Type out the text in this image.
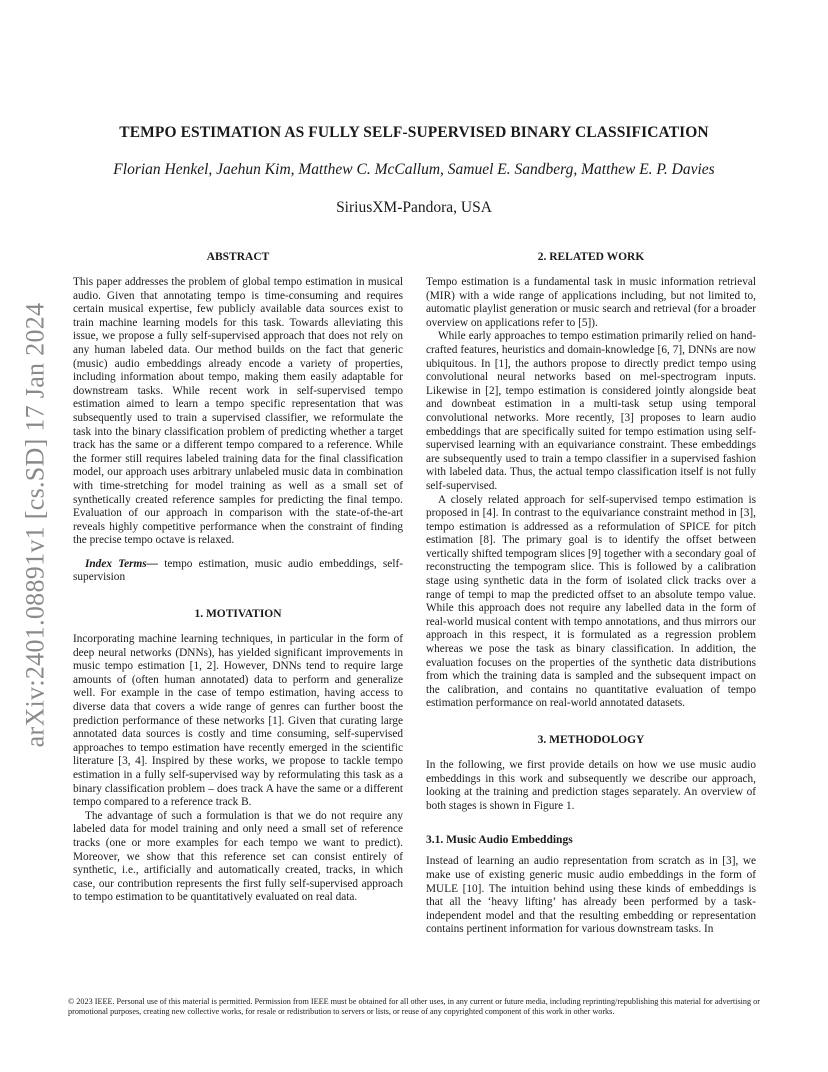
arXiv:2401.08891v1 [cs.SD] 17 Jan 2024
TEMPO ESTIMATION AS FULLY SELF-SUPERVISED BINARY CLASSIFICATION
Florian Henkel, Jaehun Kim, Matthew C. McCallum, Samuel E. Sandberg, Matthew E. P. Davies
SiriusXM-Pandora, USA
ABSTRACT

This paper addresses the problem of global tempo estimation in musical audio. Given that annotating tempo is time-consuming and requires certain musical expertise, few publicly available data sources exist to train machine learning models for this task. Towards alleviating this issue, we propose a fully self-supervised approach that does not rely on any human labeled data. Our method builds on the fact that generic (music) audio embeddings already encode a variety of properties, including information about tempo, making them easily adaptable for downstream tasks. While recent work in self-supervised tempo estimation aimed to learn a tempo specific representation that was subsequently used to train a supervised classifier, we reformulate the task into the binary classification problem of predicting whether a target track has the same or a different tempo compared to a reference. While the former still requires labeled training data for the final classification model, our approach uses arbitrary unlabeled music data in combination with time-stretching for model training as well as a small set of synthetically created reference samples for predicting the final tempo. Evaluation of our approach in comparison with the state-of-the-art reveals highly competitive performance when the constraint of finding the precise tempo octave is relaxed.

Index Terms— tempo estimation, music audio embeddings, self-supervision

1. MOTIVATION

Incorporating machine learning techniques, in particular in the form of deep neural networks (DNNs), has yielded significant improvements in music tempo estimation [1, 2]. However, DNNs tend to require large amounts of (often human annotated) data to perform and generalize well. For example in the case of tempo estimation, having access to diverse data that covers a wide range of genres can further boost the prediction performance of these networks [1]. Given that curating large annotated data sources is costly and time consuming, self-supervised approaches to tempo estimation have recently emerged in the scientific literature [3, 4]. Inspired by these works, we propose to tackle tempo estimation in a fully self-supervised way by reformulating this task as a binary classification problem – does track A have the same or a different tempo compared to a reference track B.

The advantage of such a formulation is that we do not require any labeled data for model training and only need a small set of reference tracks (one or more examples for each tempo we want to predict). Moreover, we show that this reference set can consist entirely of synthetic, i.e., artificially and automatically created, tracks, in which case, our contribution represents the first fully self-supervised approach to tempo estimation to be quantitatively evaluated on real data.

2. RELATED WORK

Tempo estimation is a fundamental task in music information retrieval (MIR) with a wide range of applications including, but not limited to, automatic playlist generation or music search and retrieval (for a broader overview on applications refer to [5]).

While early approaches to tempo estimation primarily relied on hand-crafted features, heuristics and domain-knowledge [6, 7], DNNs are now ubiquitous. In [1], the authors propose to directly predict tempo using convolutional neural networks based on mel-spectrogram inputs. Likewise in [2], tempo estimation is considered jointly alongside beat and downbeat estimation in a multi-task setup using temporal convolutional networks. More recently, [3] proposes to learn audio embeddings that are specifically suited for tempo estimation using self-supervised learning with an equivariance constraint. These embeddings are subsequently used to train a tempo classifier in a supervised fashion with labeled data. Thus, the actual tempo classification itself is not fully self-supervised.

A closely related approach for self-supervised tempo estimation is proposed in [4]. In contrast to the equivariance constraint method in [3], tempo estimation is addressed as a reformulation of SPICE for pitch estimation [8]. The primary goal is to identify the offset between vertically shifted tempogram slices [9] together with a secondary goal of reconstructing the tempogram slice. This is followed by a calibration stage using synthetic data in the form of isolated click tracks over a range of tempi to map the predicted offset to an absolute tempo value. While this approach does not require any labelled data in the form of real-world musical content with tempo annotations, and thus mirrors our approach in this respect, it is formulated as a regression problem whereas we pose the task as binary classification. In addition, the evaluation focuses on the properties of the synthetic data distributions from which the training data is sampled and the subsequent impact on the calibration, and contains no quantitative evaluation of tempo estimation performance on real-world annotated datasets.

3. METHODOLOGY

In the following, we first provide details on how we use music audio embeddings in this work and subsequently we describe our approach, looking at the training and prediction stages separately. An overview of both stages is shown in Figure 1.

3.1. Music Audio Embeddings

Instead of learning an audio representation from scratch as in [3], we make use of existing generic music audio embeddings in the form of MULE [10]. The intuition behind using these kinds of embeddings is that all the ‘heavy lifting’ has already been performed by a task-independent model and that the resulting embedding or representation contains pertinent information for various downstream tasks. In

© 2023 IEEE. Personal use of this material is permitted. Permission from IEEE must be obtained for all other uses, in any current or future media, including reprinting/republishing this material for advertising or promotional purposes, creating new collective works, for resale or redistribution to servers or lists, or reuse of any copyrighted component of this work in other works.
